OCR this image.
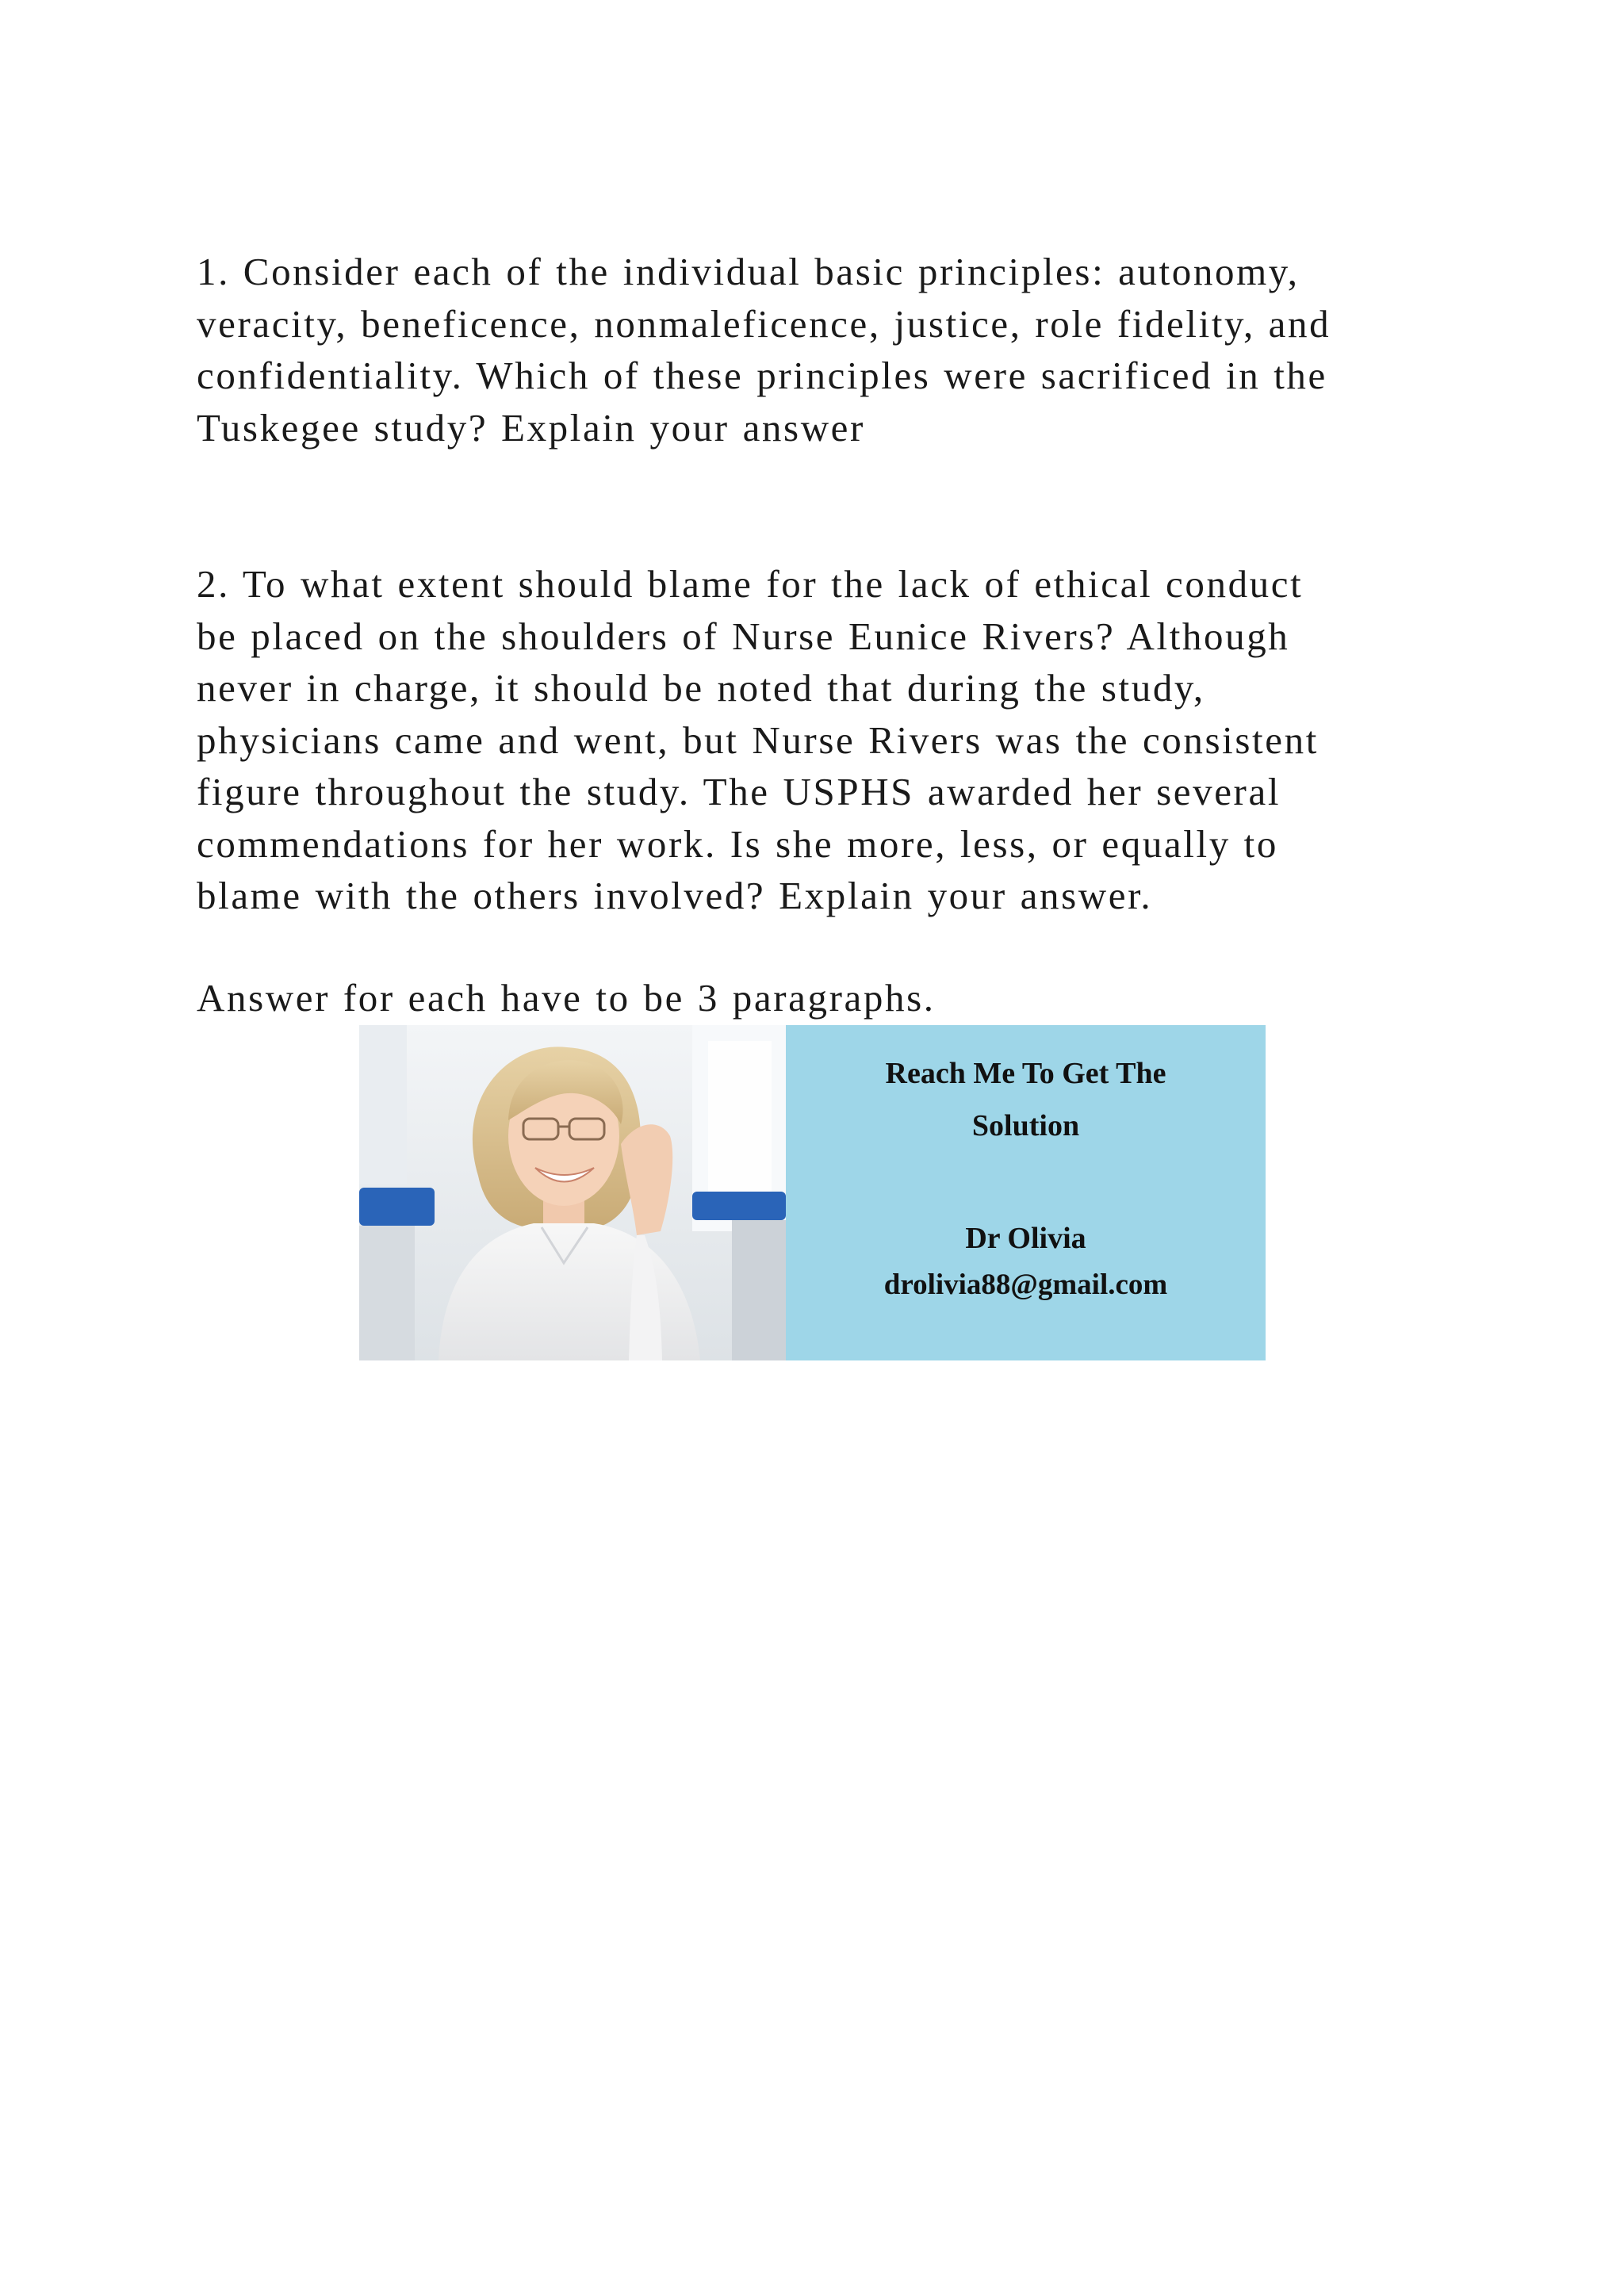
1. Consider each of the individual basic principles: autonomy,
veracity, beneficence, nonmaleficence, justice, role fidelity, and
confidentiality. Which of these principles were sacrificed in the
Tuskegee study? Explain your answer

2. To what extent should blame for the lack of ethical conduct
be placed on the shoulders of Nurse Eunice Rivers? Although
never in charge, it should be noted that during the study,
physicians came and went, but Nurse Rivers was the consistent
figure throughout the study. The USPHS awarded her several
commendations for her work. Is she more, less, or equally to
blame with the others involved? Explain your answer.

Answer for each have to be 3 paragraphs.

Reach Me To Get The
Solution

Dr Olivia

drolivia88@gmail.com
